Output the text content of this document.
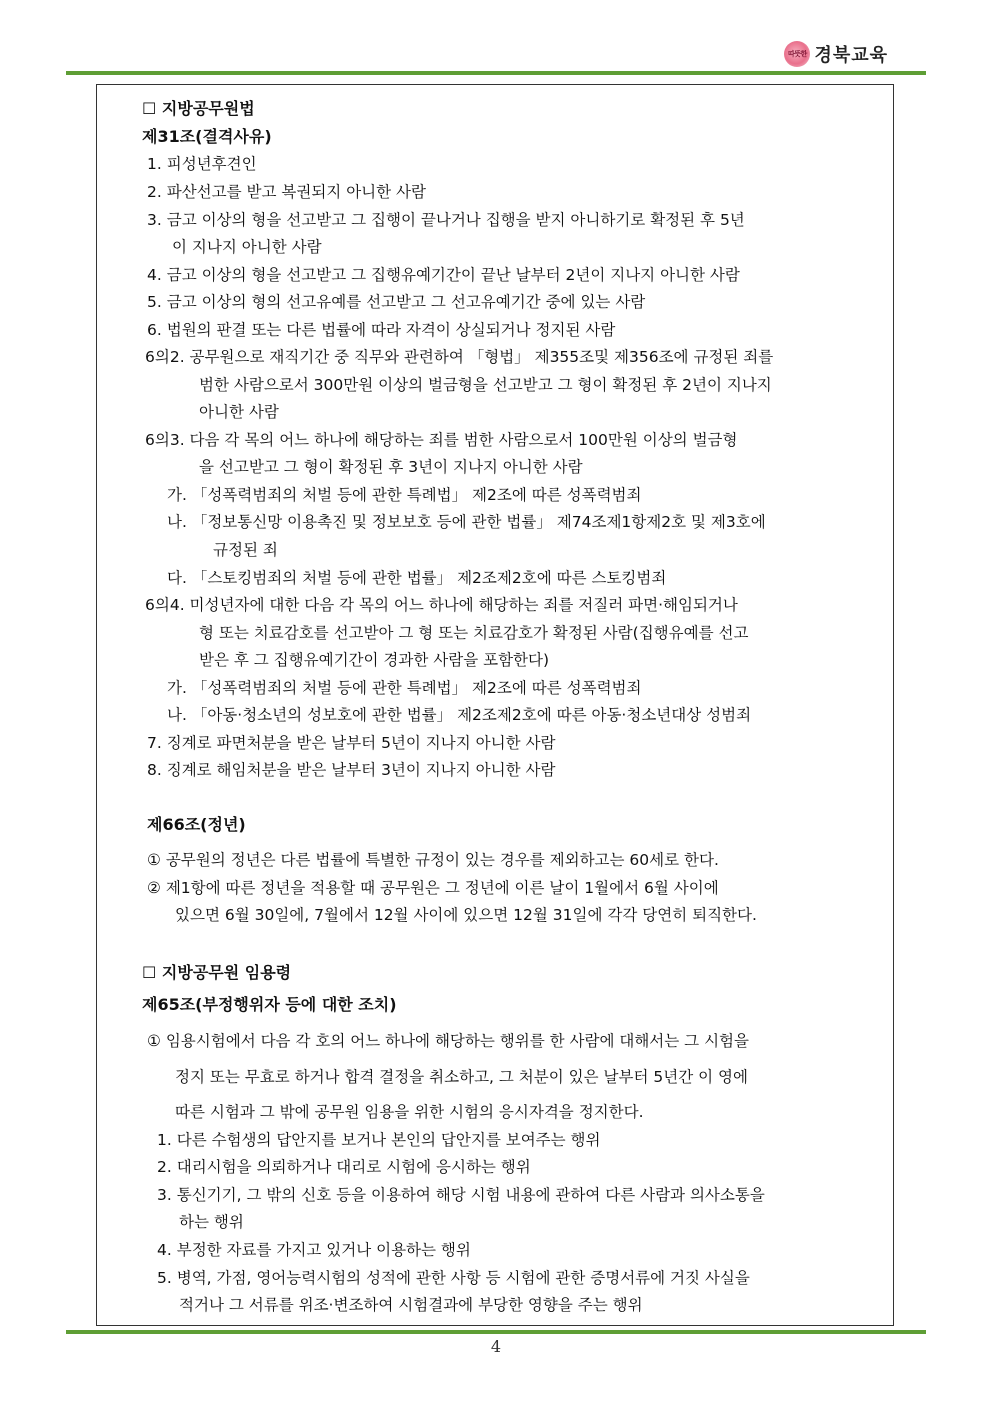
따뜻한 경북교육
☐ 지방공무원법
제31조(결격사유)
1. 피성년후견인
2. 파산선고를 받고 복권되지 아니한 사람
3. 금고 이상의 형을 선고받고 그 집행이 끝나거나 집행을 받지 아니하기로 확정된 후 5년
이 지나지 아니한 사람
4. 금고 이상의 형을 선고받고 그 집행유예기간이 끝난 날부터 2년이 지나지 아니한 사람
5. 금고 이상의 형의 선고유예를 선고받고 그 선고유예기간 중에 있는 사람
6. 법원의 판결 또는 다른 법률에 따라 자격이 상실되거나 정지된 사람
6의2. 공무원으로 재직기간 중 직무와 관련하여 「형법」 제355조및 제356조에 규정된 죄를
범한 사람으로서 300만원 이상의 벌금형을 선고받고 그 형이 확정된 후 2년이 지나지
아니한 사람
6의3. 다음 각 목의 어느 하나에 해당하는 죄를 범한 사람으로서 100만원 이상의 벌금형
을 선고받고 그 형이 확정된 후 3년이 지나지 아니한 사람
가. 「성폭력범죄의 처벌 등에 관한 특례법」 제2조에 따른 성폭력범죄
나. 「정보통신망 이용촉진 및 정보보호 등에 관한 법률」 제74조제1항제2호 및 제3호에
규정된 죄
다. 「스토킹범죄의 처벌 등에 관한 법률」 제2조제2호에 따른 스토킹범죄
6의4. 미성년자에 대한 다음 각 목의 어느 하나에 해당하는 죄를 저질러 파면·해임되거나
형 또는 치료감호를 선고받아 그 형 또는 치료감호가 확정된 사람(집행유예를 선고
받은 후 그 집행유예기간이 경과한 사람을 포함한다)
가. 「성폭력범죄의 처벌 등에 관한 특례법」 제2조에 따른 성폭력범죄
나. 「아동·청소년의 성보호에 관한 법률」 제2조제2호에 따른 아동·청소년대상 성범죄
7. 징계로 파면처분을 받은 날부터 5년이 지나지 아니한 사람
8. 징계로 해임처분을 받은 날부터 3년이 지나지 아니한 사람
제66조(정년)
① 공무원의 정년은 다른 법률에 특별한 규정이 있는 경우를 제외하고는 60세로 한다.
② 제1항에 따른 정년을 적용할 때 공무원은 그 정년에 이른 날이 1월에서 6월 사이에
있으면 6월 30일에, 7월에서 12월 사이에 있으면 12월 31일에 각각 당연히 퇴직한다.
☐ 지방공무원 임용령
제65조(부정행위자 등에 대한 조치)
① 임용시험에서 다음 각 호의 어느 하나에 해당하는 행위를 한 사람에 대해서는 그 시험을
정지 또는 무효로 하거나 합격 결정을 취소하고, 그 처분이 있은 날부터 5년간 이 영에
따른 시험과 그 밖에 공무원 임용을 위한 시험의 응시자격을 정지한다.
1. 다른 수험생의 답안지를 보거나 본인의 답안지를 보여주는 행위
2. 대리시험을 의뢰하거나 대리로 시험에 응시하는 행위
3. 통신기기, 그 밖의 신호 등을 이용하여 해당 시험 내용에 관하여 다른 사람과 의사소통을
하는 행위
4. 부정한 자료를 가지고 있거나 이용하는 행위
5. 병역, 가점, 영어능력시험의 성적에 관한 사항 등 시험에 관한 증명서류에 거짓 사실을
적거나 그 서류를 위조·변조하여 시험결과에 부당한 영향을 주는 행위
4
